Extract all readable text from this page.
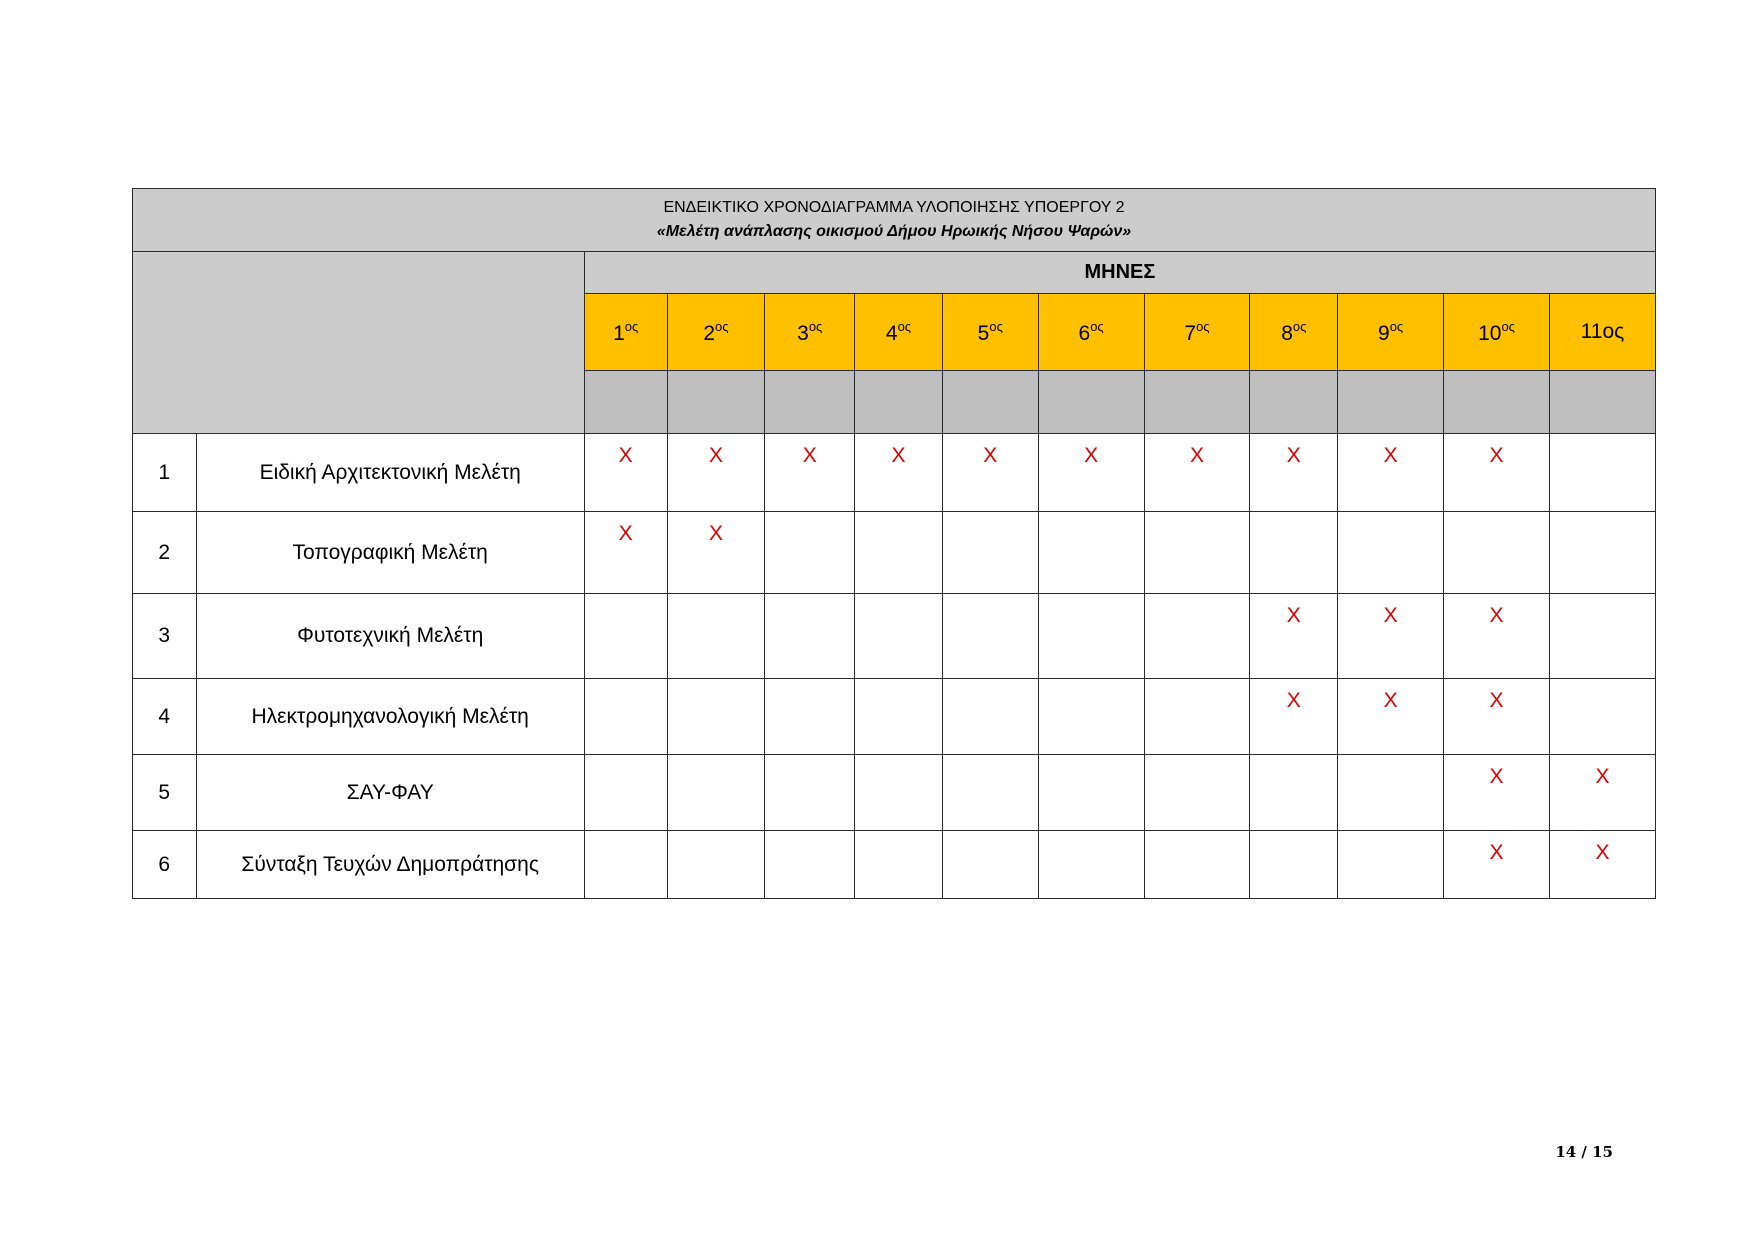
ΕΝΔΕΙΚΤΙΚΟ ΧΡΟΝΟΔΙΑΓΡΑΜΜΑ ΥΛΟΠΟΙΗΣΗΣ ΥΠΟΕΡΓΟΥ 2
«Μελέτη ανάπλασης οικισμού Δήμου Ηρωικής Νήσου Ψαρών»												

		ΜΗΝΕΣ										
		$1^{o\varsigma}$	$2^{o\varsigma}$	$3^{o\varsigma}$	$4^{o\varsigma}$	$5^{o\varsigma}$	$6^{o\varsigma}$	$7^{o\varsigma}$	$8^{o\varsigma}$	$9^{o\varsigma}$	$10^{o\varsigma}$	11ος

1	Ειδική Αρχιτεκτονική Μελέτη	X	X	X	X	X	X	X	X	X	X	
2	Τοπογραφική Μελέτη	X	X									
3	Φυτοτεχνική Μελέτη								X	X	X	
4	Ηλεκτρομηχανολογική Μελέτη								X	X	X	
5	ΣΑΥ-ΦΑΥ										X	X
6	Σύνταξη Τευχών Δημοπράτησης										X	X
14 / 15
